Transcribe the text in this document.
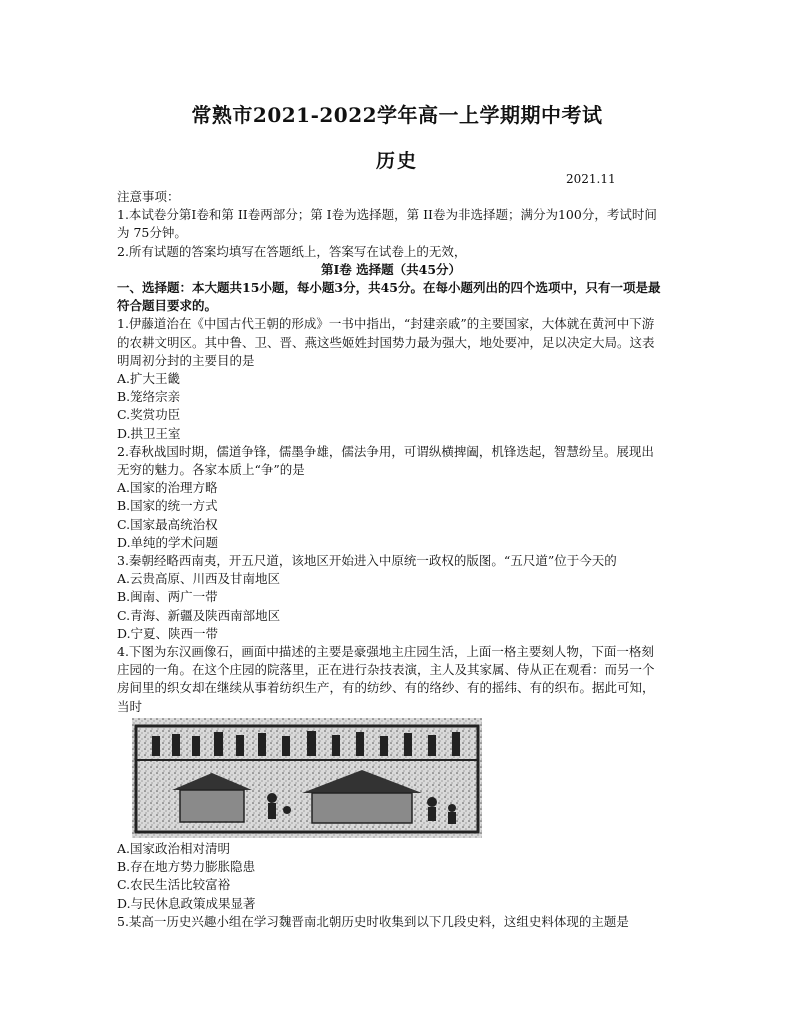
常熟市2021-2022学年高一上学期期中考试
历史
2021.11

注意事项：

1.本试卷分第I卷和第 II卷两部分；第 I卷为选择题，第 II卷为非选择题；满分为100分，考试时间为 75分钟。

2.所有试题的答案均填写在答题纸上，答案写在试卷上的无效，

第Ⅰ卷 选择题（共45分）

一、选择题：本大题共15小题，每小题3分，共45分。在每小题列出的四个选项中，只有一项是最符合题目要求的。

1.伊藤道治在《中国古代王朝的形成》一书中指出，“封建亲戚”的主要国家，大体就在黄河中下游的农耕文明区。其中鲁、卫、晋、燕这些姬姓封国势力最为强大，地处要冲，足以决定大局。这表明周初分封的主要目的是

A.扩大王畿

B.笼络宗亲

C.奖赏功臣

D.拱卫王室

2.春秋战国时期，儒道争锋，儒墨争雄，儒法争用，可谓纵横捭阖，机锋迭起，智慧纷呈。展现出无穷的魅力。各家本质上“争”的是

A.国家的治理方略

B.国家的统一方式

C.国家最高统治权

D.单纯的学术问题

3.秦朝经略西南夷，开五尺道，该地区开始进入中原统一政权的版图。“五尺道”位于今天的

A.云贵高原、川西及甘南地区

B.闽南、两广一带

C.青海、新疆及陕西南部地区

D.宁夏、陕西一带

4.下图为东汉画像石，画面中描述的主要是豪强地主庄园生活，上面一格主要刻人物，下面一格刻庄园的一角。在这个庄园的院落里，正在进行杂技表演，主人及其家属、侍从正在观看：而另一个房间里的织女却在继续从事着纺织生产，有的纺纱、有的络纱、有的摇纬、有的织布。据此可知，当时

A.国家政治相对清明

B.存在地方势力膨胀隐患

C.农民生活比较富裕

D.与民休息政策成果显著

5.某高一历史兴趣小组在学习魏晋南北朝历史时收集到以下几段史料，这组史料体现的主题是
